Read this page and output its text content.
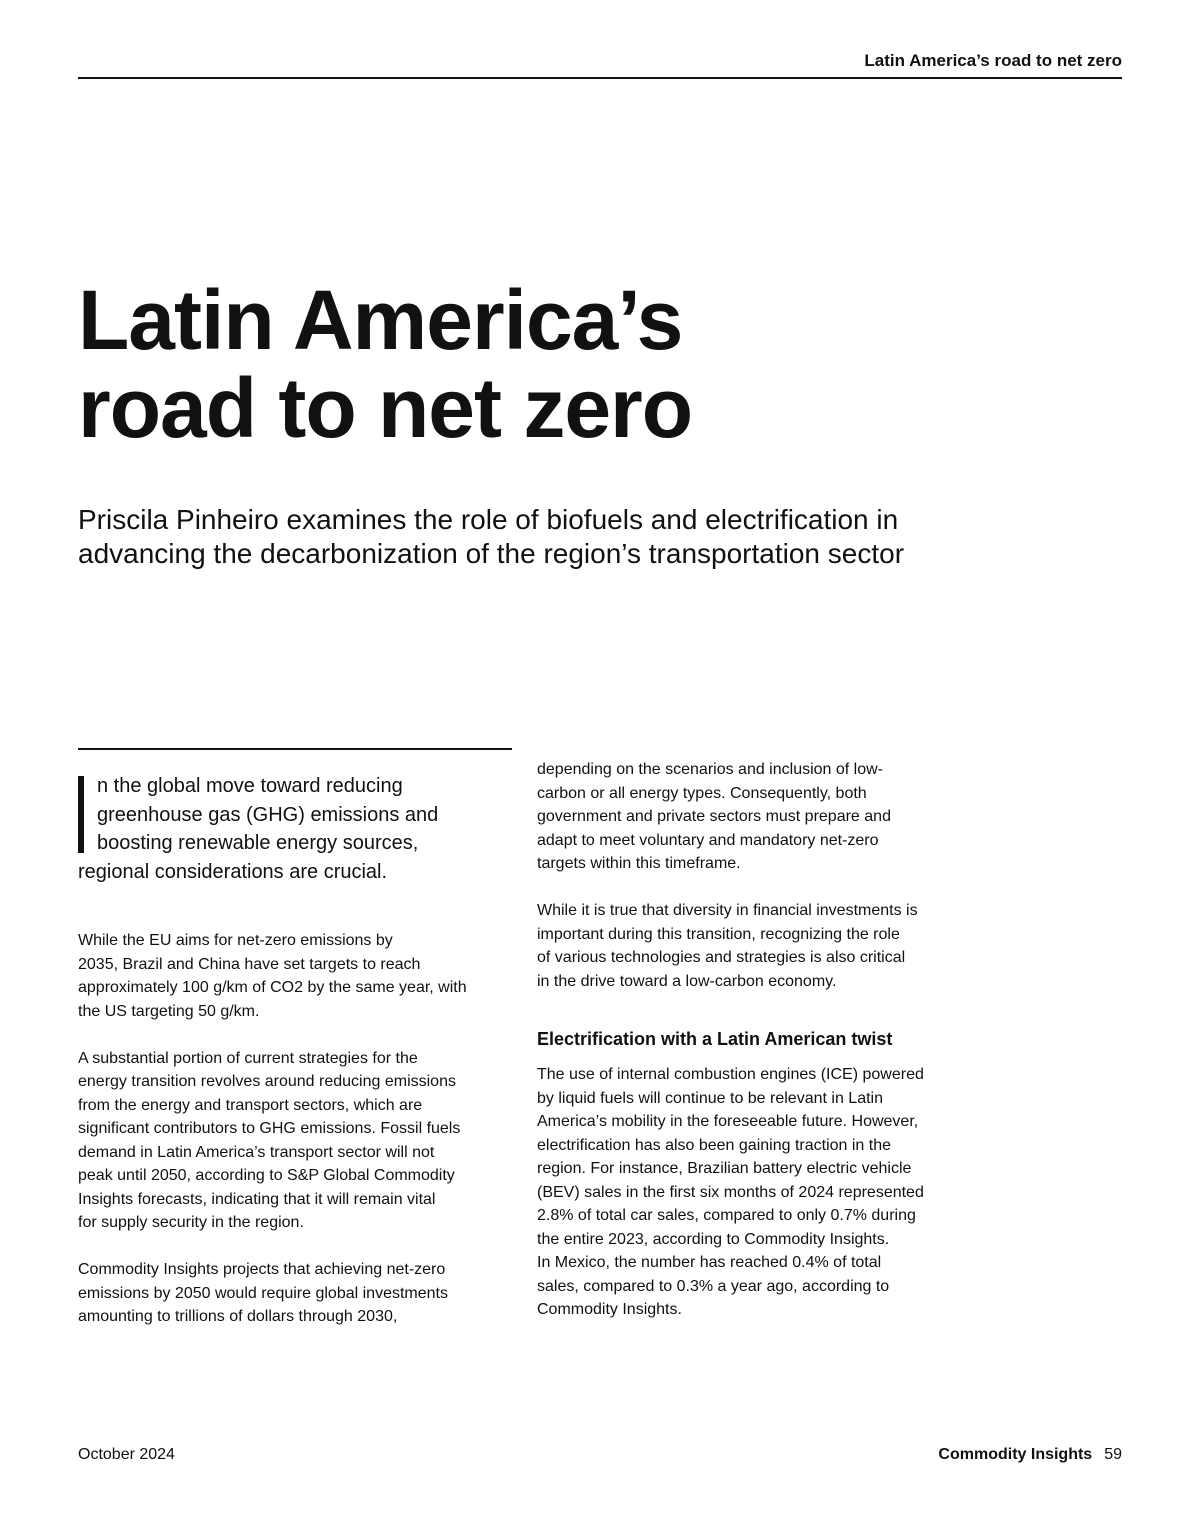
Latin America’s road to net zero
Latin America’s
road to net zero
Priscila Pinheiro examines the role of biofuels and electrification in
advancing the decarbonization of the region’s transportation sector

n the global move toward reducing
greenhouse gas (GHG) emissions and
boosting renewable energy sources,
regional considerations are crucial.

While the EU aims for net-zero emissions by
2035, Brazil and China have set targets to reach
approximately 100 g/km of CO2 by the same year, with
the US targeting 50 g/km.

A substantial portion of current strategies for the
energy transition revolves around reducing emissions
from the energy and transport sectors, which are
significant contributors to GHG emissions. Fossil fuels
demand in Latin America’s transport sector will not
peak until 2050, according to S&P Global Commodity
Insights forecasts, indicating that it will remain vital
for supply security in the region.

Commodity Insights projects that achieving net-zero
emissions by 2050 would require global investments
amounting to trillions of dollars through 2030,

depending on the scenarios and inclusion of low-
carbon or all energy types. Consequently, both
government and private sectors must prepare and
adapt to meet voluntary and mandatory net-zero
targets within this timeframe.

While it is true that diversity in financial investments is
important during this transition, recognizing the role
of various technologies and strategies is also critical
in the drive toward a low-carbon economy.

Electrification with a Latin American twist

The use of internal combustion engines (ICE) powered
by liquid fuels will continue to be relevant in Latin
America’s mobility in the foreseeable future. However,
electrification has also been gaining traction in the
region. For instance, Brazilian battery electric vehicle
(BEV) sales in the first six months of 2024 represented
2.8% of total car sales, compared to only 0.7% during
the entire 2023, according to Commodity Insights.
In Mexico, the number has reached 0.4% of total
sales, compared to 0.3% a year ago, according to
Commodity Insights.

October 2024	Commodity Insights 59
